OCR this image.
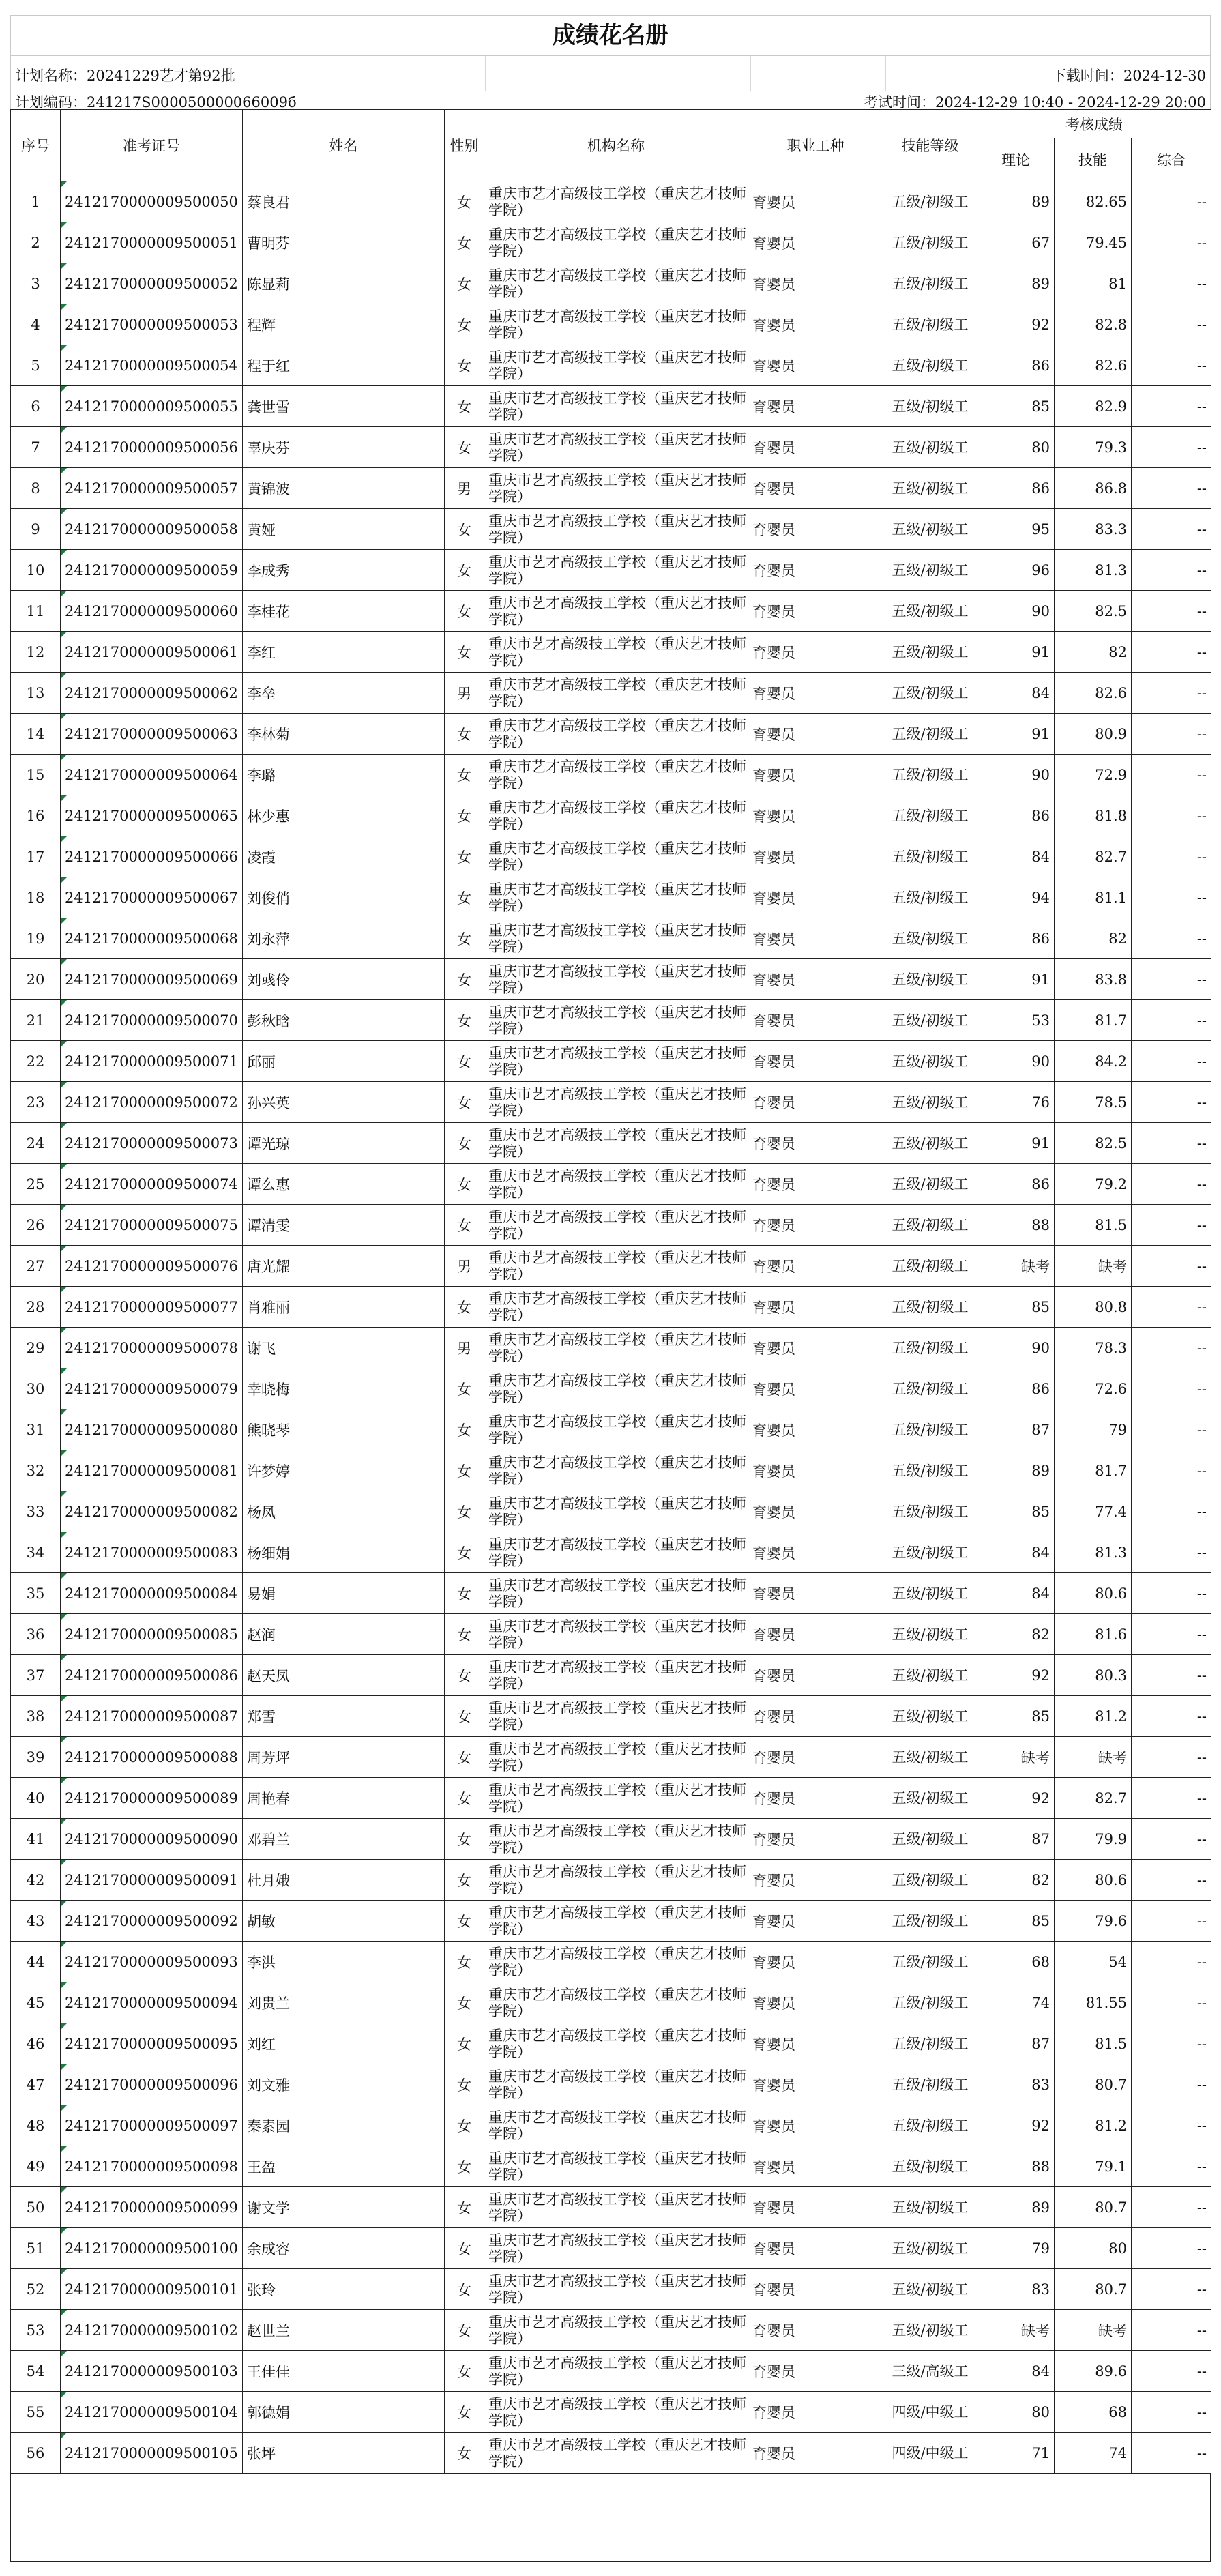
成绩花名册
计划名称：20241229艺才第92批	下载时间：2024-12-30
计划编码：241217S000050000066009б	考试时间：2024-12-29 10:40 - 2024-12-29 20:00
序号	准考证号	姓名	性别	机构名称	职业工种	技能等级	考核成绩		
							理论	技能	综合
1	2412170000009500050	蔡良君	女	重庆市艺才高级技工学校（重庆艺才技师学院）	育婴员	五级/初级工	89	82.65	--
2	2412170000009500051	曹明芬	女	重庆市艺才高级技工学校（重庆艺才技师学院）	育婴员	五级/初级工	67	79.45	--
3	2412170000009500052	陈显莉	女	重庆市艺才高级技工学校（重庆艺才技师学院）	育婴员	五级/初级工	89	81	--
4	2412170000009500053	程辉	女	重庆市艺才高级技工学校（重庆艺才技师学院）	育婴员	五级/初级工	92	82.8	--
5	2412170000009500054	程于红	女	重庆市艺才高级技工学校（重庆艺才技师学院）	育婴员	五级/初级工	86	82.6	--
6	2412170000009500055	龚世雪	女	重庆市艺才高级技工学校（重庆艺才技师学院）	育婴员	五级/初级工	85	82.9	--
7	2412170000009500056	辜庆芬	女	重庆市艺才高级技工学校（重庆艺才技师学院）	育婴员	五级/初级工	80	79.3	--
8	2412170000009500057	黄锦波	男	重庆市艺才高级技工学校（重庆艺才技师学院）	育婴员	五级/初级工	86	86.8	--
9	2412170000009500058	黄娅	女	重庆市艺才高级技工学校（重庆艺才技师学院）	育婴员	五级/初级工	95	83.3	--
10	2412170000009500059	李成秀	女	重庆市艺才高级技工学校（重庆艺才技师学院）	育婴员	五级/初级工	96	81.3	--
11	2412170000009500060	李桂花	女	重庆市艺才高级技工学校（重庆艺才技师学院）	育婴员	五级/初级工	90	82.5	--
12	2412170000009500061	李红	女	重庆市艺才高级技工学校（重庆艺才技师学院）	育婴员	五级/初级工	91	82	--
13	2412170000009500062	李垒	男	重庆市艺才高级技工学校（重庆艺才技师学院）	育婴员	五级/初级工	84	82.6	--
14	2412170000009500063	李林菊	女	重庆市艺才高级技工学校（重庆艺才技师学院）	育婴员	五级/初级工	91	80.9	--
15	2412170000009500064	李璐	女	重庆市艺才高级技工学校（重庆艺才技师学院）	育婴员	五级/初级工	90	72.9	--
16	2412170000009500065	林少惠	女	重庆市艺才高级技工学校（重庆艺才技师学院）	育婴员	五级/初级工	86	81.8	--
17	2412170000009500066	凌霞	女	重庆市艺才高级技工学校（重庆艺才技师学院）	育婴员	五级/初级工	84	82.7	--
18	2412170000009500067	刘俊俏	女	重庆市艺才高级技工学校（重庆艺才技师学院）	育婴员	五级/初级工	94	81.1	--
19	2412170000009500068	刘永萍	女	重庆市艺才高级技工学校（重庆艺才技师学院）	育婴员	五级/初级工	86	82	--
20	2412170000009500069	刘彧伶	女	重庆市艺才高级技工学校（重庆艺才技师学院）	育婴员	五级/初级工	91	83.8	--
21	2412170000009500070	彭秋晗	女	重庆市艺才高级技工学校（重庆艺才技师学院）	育婴员	五级/初级工	53	81.7	--
22	2412170000009500071	邱丽	女	重庆市艺才高级技工学校（重庆艺才技师学院）	育婴员	五级/初级工	90	84.2	--
23	2412170000009500072	孙兴英	女	重庆市艺才高级技工学校（重庆艺才技师学院）	育婴员	五级/初级工	76	78.5	--
24	2412170000009500073	谭光琼	女	重庆市艺才高级技工学校（重庆艺才技师学院）	育婴员	五级/初级工	91	82.5	--
25	2412170000009500074	谭么惠	女	重庆市艺才高级技工学校（重庆艺才技师学院）	育婴员	五级/初级工	86	79.2	--
26	2412170000009500075	谭清雯	女	重庆市艺才高级技工学校（重庆艺才技师学院）	育婴员	五级/初级工	88	81.5	--
27	2412170000009500076	唐光耀	男	重庆市艺才高级技工学校（重庆艺才技师学院）	育婴员	五级/初级工	缺考	缺考	--
28	2412170000009500077	肖雅丽	女	重庆市艺才高级技工学校（重庆艺才技师学院）	育婴员	五级/初级工	85	80.8	--
29	2412170000009500078	谢飞	男	重庆市艺才高级技工学校（重庆艺才技师学院）	育婴员	五级/初级工	90	78.3	--
30	2412170000009500079	幸晓梅	女	重庆市艺才高级技工学校（重庆艺才技师学院）	育婴员	五级/初级工	86	72.6	--
31	2412170000009500080	熊晓琴	女	重庆市艺才高级技工学校（重庆艺才技师学院）	育婴员	五级/初级工	87	79	--
32	2412170000009500081	许梦婷	女	重庆市艺才高级技工学校（重庆艺才技师学院）	育婴员	五级/初级工	89	81.7	--
33	2412170000009500082	杨凤	女	重庆市艺才高级技工学校（重庆艺才技师学院）	育婴员	五级/初级工	85	77.4	--
34	2412170000009500083	杨细娟	女	重庆市艺才高级技工学校（重庆艺才技师学院）	育婴员	五级/初级工	84	81.3	--
35	2412170000009500084	易娟	女	重庆市艺才高级技工学校（重庆艺才技师学院）	育婴员	五级/初级工	84	80.6	--
36	2412170000009500085	赵润	女	重庆市艺才高级技工学校（重庆艺才技师学院）	育婴员	五级/初级工	82	81.6	--
37	2412170000009500086	赵天凤	女	重庆市艺才高级技工学校（重庆艺才技师学院）	育婴员	五级/初级工	92	80.3	--
38	2412170000009500087	郑雪	女	重庆市艺才高级技工学校（重庆艺才技师学院）	育婴员	五级/初级工	85	81.2	--
39	2412170000009500088	周芳坪	女	重庆市艺才高级技工学校（重庆艺才技师学院）	育婴员	五级/初级工	缺考	缺考	--
40	2412170000009500089	周艳春	女	重庆市艺才高级技工学校（重庆艺才技师学院）	育婴员	五级/初级工	92	82.7	--
41	2412170000009500090	邓碧兰	女	重庆市艺才高级技工学校（重庆艺才技师学院）	育婴员	五级/初级工	87	79.9	--
42	2412170000009500091	杜月娥	女	重庆市艺才高级技工学校（重庆艺才技师学院）	育婴员	五级/初级工	82	80.6	--
43	2412170000009500092	胡敏	女	重庆市艺才高级技工学校（重庆艺才技师学院）	育婴员	五级/初级工	85	79.6	--
44	2412170000009500093	李洪	女	重庆市艺才高级技工学校（重庆艺才技师学院）	育婴员	五级/初级工	68	54	--
45	2412170000009500094	刘贵兰	女	重庆市艺才高级技工学校（重庆艺才技师学院）	育婴员	五级/初级工	74	81.55	--
46	2412170000009500095	刘红	女	重庆市艺才高级技工学校（重庆艺才技师学院）	育婴员	五级/初级工	87	81.5	--
47	2412170000009500096	刘文雅	女	重庆市艺才高级技工学校（重庆艺才技师学院）	育婴员	五级/初级工	83	80.7	--
48	2412170000009500097	秦素园	女	重庆市艺才高级技工学校（重庆艺才技师学院）	育婴员	五级/初级工	92	81.2	--
49	2412170000009500098	王盈	女	重庆市艺才高级技工学校（重庆艺才技师学院）	育婴员	五级/初级工	88	79.1	--
50	2412170000009500099	谢文学	女	重庆市艺才高级技工学校（重庆艺才技师学院）	育婴员	五级/初级工	89	80.7	--
51	2412170000009500100	余成容	女	重庆市艺才高级技工学校（重庆艺才技师学院）	育婴员	五级/初级工	79	80	--
52	2412170000009500101	张玲	女	重庆市艺才高级技工学校（重庆艺才技师学院）	育婴员	五级/初级工	83	80.7	--
53	2412170000009500102	赵世兰	女	重庆市艺才高级技工学校（重庆艺才技师学院）	育婴员	五级/初级工	缺考	缺考	--
54	2412170000009500103	王佳佳	女	重庆市艺才高级技工学校（重庆艺才技师学院）	育婴员	三级/高级工	84	89.6	--
55	2412170000009500104	郭德娟	女	重庆市艺才高级技工学校（重庆艺才技师学院）	育婴员	四级/中级工	80	68	--
56	2412170000009500105	张坪	女	重庆市艺才高级技工学校（重庆艺才技师学院）	育婴员	四级/中级工	71	74	--
